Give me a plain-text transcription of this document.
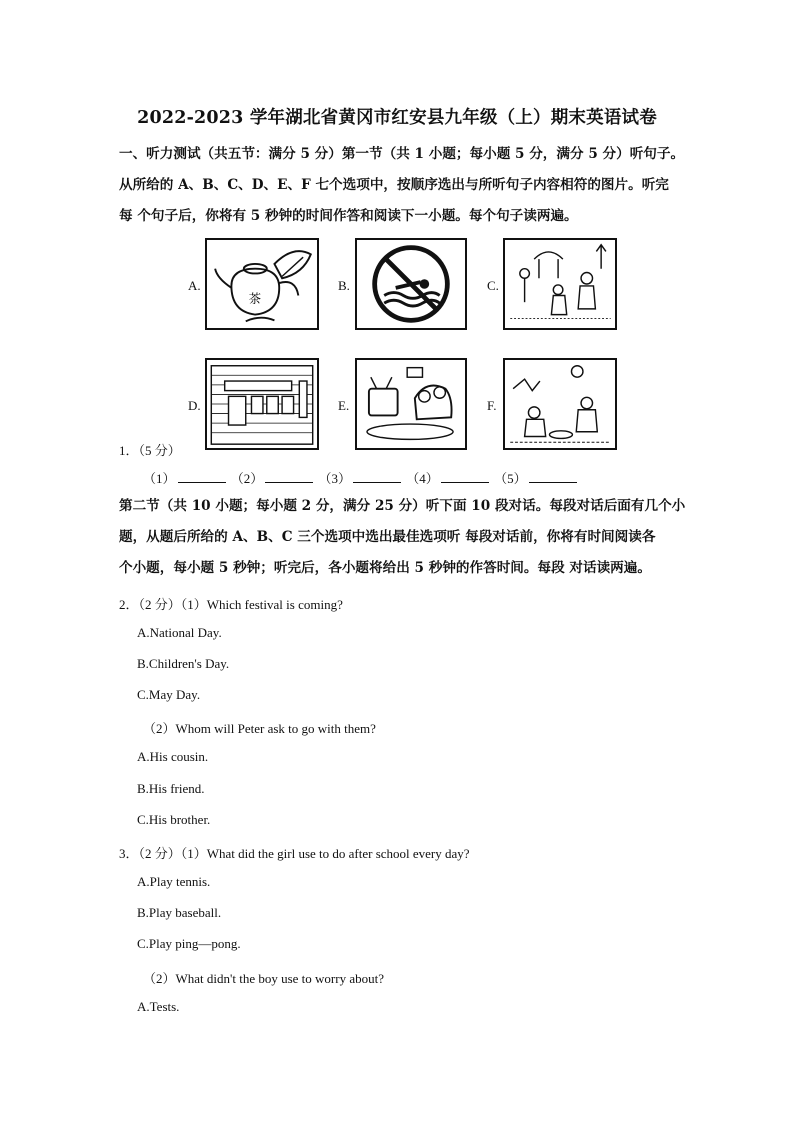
2022-2023 学年湖北省黄冈市红安县九年级（上）期末英语试卷
一、听力测试（共五节：满分 5 分）第一节（共 1 小题；每小题 5 分，满分 5 分）听句子。
从所给的 A、B、C、D、E、F 七个选项中，按顺序选出与所听句子内容相符的图片。听完
每 个句子后，你将有 5 秒钟的时间作答和阅读下一小题。每个句子读两遍。
A.
茶
B.	C.
D.	E.	F.
1．（5 分）
（1）	（2）	（3）	（4）	（5）
第二节（共 10 小题；每小题 2 分，满分 25 分）听下面 10 段对话。每段对话后面有几个小
题，从题后所给的 A、B、C 三个选项中选出最佳选项听 每段对话前，你将有时间阅读各
个小题，每小题 5 秒钟；听完后，各小题将给出 5 秒钟的作答时间。每段 对话读两遍。
2．（2 分）（1）Which festival is coming?
A.National Day.
B.Children's Day.
C.May Day.
（2）Whom will Peter ask to go with them?
A.His cousin.
B.His friend.
C.His brother.
3．（2 分）（1）What did the girl use to do after school every day?
A.Play tennis.
B.Play baseball.
C.Play ping—pong.
（2）What didn't the boy use to worry about?
A.Tests.
